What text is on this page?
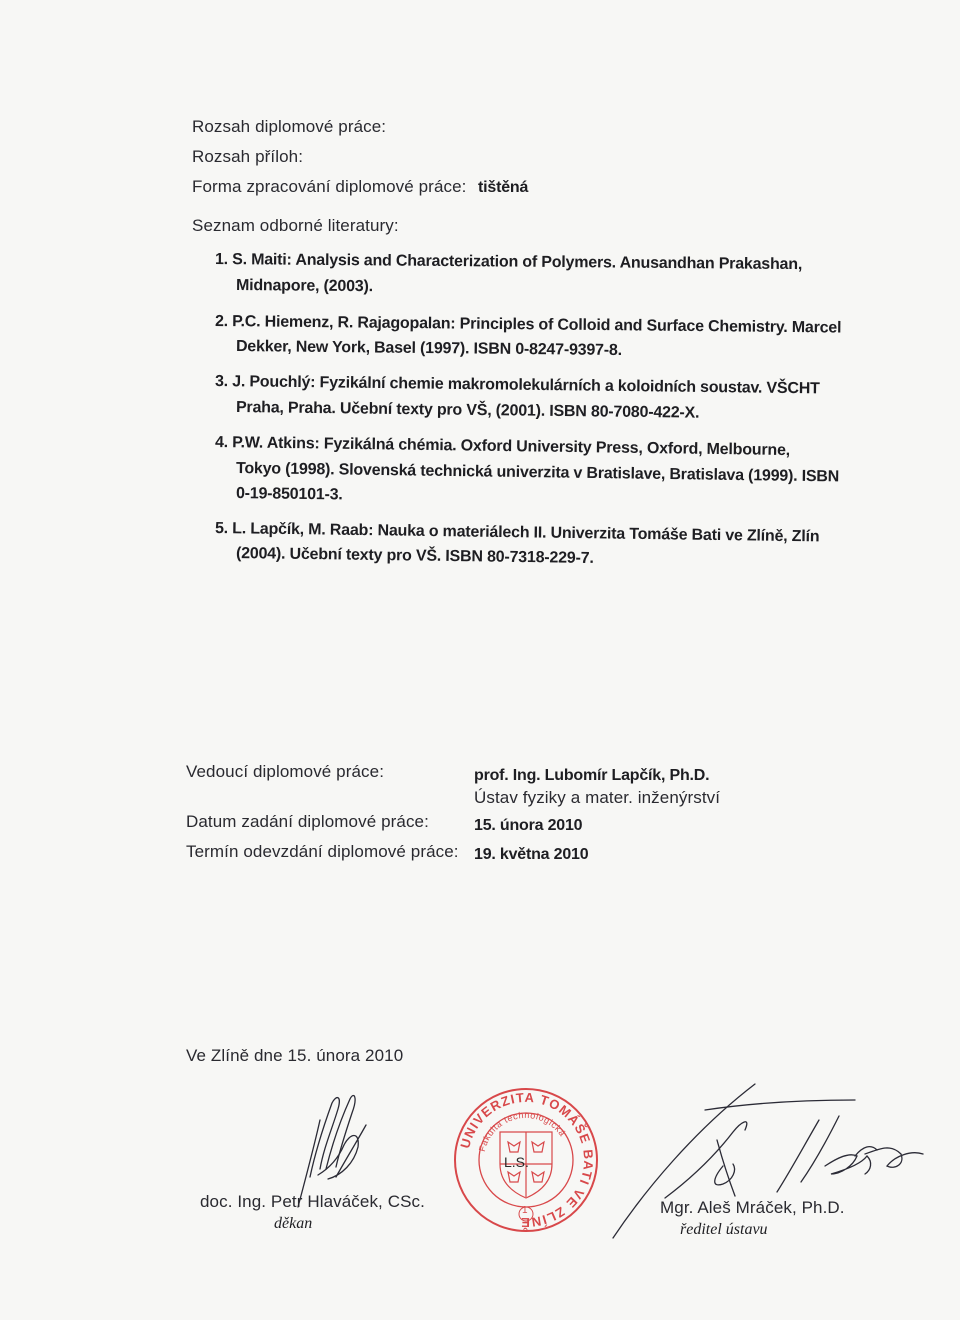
Rozsah diplomové práce:
Rozsah příloh:
Forma zpracování diplomové práce: tištěná
Seznam odborné literatury:
1. S. Maiti: Analysis and Characterization of Polymers. Anusandhan Prakashan,
Midnapore, (2003).
2. P.C. Hiemenz, R. Rajagopalan: Principles of Colloid and Surface Chemistry. Marcel
Dekker, New York, Basel (1997). ISBN 0-8247-9397-8.
3. J. Pouchlý: Fyzikální chemie makromolekulárních a koloidních soustav. VŠCHT
Praha, Praha. Učební texty pro VŠ, (2001). ISBN 80-7080-422-X.
4. P.W. Atkins: Fyzikálná chémia. Oxford University Press, Oxford, Melbourne,
Tokyo (1998). Slovenská technická univerzita v Bratislave, Bratislava (1999). ISBN
0-19-850101-3.
5. L. Lapčík, M. Raab: Nauka o materiálech II. Univerzita Tomáše Bati ve Zlíně, Zlín
(2004). Učební texty pro VŠ. ISBN 80-7318-229-7.
Vedoucí diplomové práce:	prof. Ing. Lubomír Lapčík, Ph.D.
Ústav fyziky a mater. inženýrství
Datum zadání diplomové práce:	15. února 2010
Termín odevzdání diplomové práce: 19. května 2010
Ve Zlíně dne 15. února 2010
doc. Ing. Petr Hlaváček, CSc.
děkan
UNIVERZITA TOMÁŠE BATI VE ZLÍNĚ
Fakulta technologická
L.S.
1	Mgr. Aleš Mráček, Ph.D.
ředitel ústavu
